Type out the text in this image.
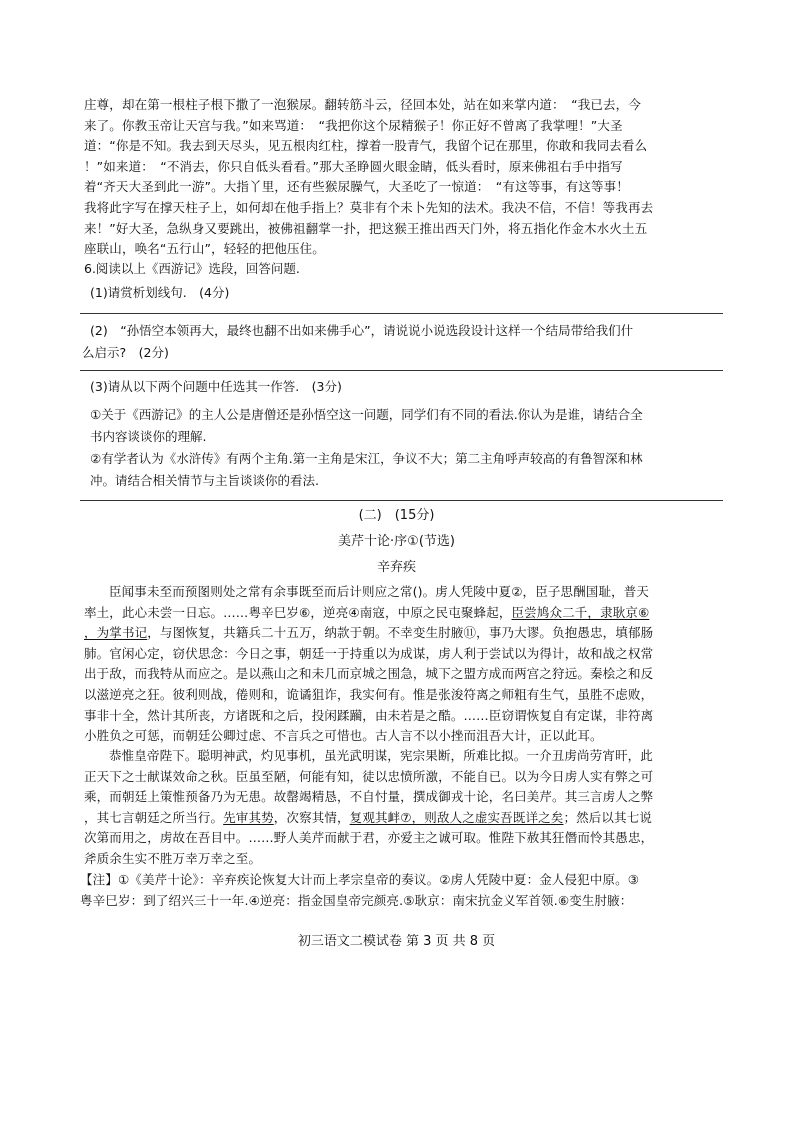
庄尊，却在第一根柱子根下撒了一泡猴尿。翻转筋斗云，径回本处，站在如来掌内道：　“我已去，今
来了。你教玉帝让天宫与我。”如来骂道：　“我把你这个尿精猴子！你正好不曾离了我掌哩！”大圣
道：“你是不知。我去到天尽头，见五根肉红柱，撑着一股青气，我留个记在那里，你敢和我同去看么
！”如来道：　“不消去，你只自低头看看。”那大圣睁圆火眼金睛，低头看时，原来佛祖右手中指写
着“齐天大圣到此一游”。大指丫里，还有些猴尿臊气，大圣吃了一惊道：　“有这等事，有这等事！
我将此字写在撑天柱子上，如何却在他手指上？莫非有个未卜先知的法术。我决不信，不信！等我再去
来！”好大圣，急纵身又要跳出，被佛祖翻掌一扑，把这猴王推出西天门外，将五指化作金木水火土五
座联山，唤名“五行山”，轻轻的把他压住。
6.阅读以上《西游记》选段，回答问题.
(1)请赏析划线句.　(4分)
(2)　“孙悟空本领再大，最终也翻不出如来佛手心”，请说说小说选段设计这样一个结局带给我们什
么启示?　(2分)
(3)请从以下两个问题中任选其一作答.　(3分)
①关于《西游记》的主人公是唐僧还是孙悟空这一问题，同学们有不同的看法.你认为是谁，请结合全
书内容谈谈你的理解.
②有学者认为《水浒传》有两个主角.第一主角是宋江，争议不大；第二主角呼声较高的有鲁智深和林
冲。请结合相关情节与主旨谈谈你的看法.
(二)　(15分)
美芹十论·序①(节选)
辛弃疾
臣闻事未至而预图则处之常有余事既至而后计则应之常()。虏人凭陵中夏②，臣子思酬国耻，普天
率土，此心未尝一日忘。……粤辛巳岁⑥，逆亮④南寇，中原之民屯聚蜂起，臣尝鸠众二千，隶耿京⑥
，为掌书记，与图恢复，共籍兵二十五万，纳款于朝。不幸变生肘腋⑪，事乃大谬。负抱愚忠，填郁肠
肺。官闲心定，窃伏思念：今日之事，朝廷一于持重以为成谋，虏人利于尝试以为得计，故和战之权常
出于敌，而我特从而应之。是以燕山之和未几而京城之围急，城下之盟方成而两宫之狩远。秦桧之和反
以滋逆亮之狂。彼利则战，倦则和，诡谲狙诈，我实何有。惟是张浚符离之师粗有生气，虽胜不虑败，
事非十全，然计其所丧，方诸既和之后，投闲蹂躏，由未若是之酷。……臣窃谓恢复自有定谋，非符离
小胜负之可惩，而朝廷公卿过虑、不言兵之可惜也。古人言不以小挫而沮吾大计，正以此耳。
恭惟皇帝陛下。聪明神武，灼见事机，虽光武明谋，宪宗果断，所难比拟。一介丑虏尚劳宵旰，此
正天下之士献谋效命之秋。臣虽至陋，何能有知，徒以忠愤所激，不能自已。以为今日虏人实有弊之可
乘，而朝廷上策惟预备乃为无患。故罄竭精恳，不自忖量，撰成御戎十论，名曰美芹。其三言虏人之弊
，其七言朝廷之所当行。先审其势，次察其情，复观其衅⑦，则敌人之虚实吾既详之矣；然后以其七说
次第而用之，虏故在吾目中。……野人美芹而献于君，亦爱主之诚可取。惟陛下赦其狂僭而怜其愚忠，
斧质余生实不胜万幸万幸之至。
【注】①《美芹十论》：辛弃疾论恢复大计而上孝宗皇帝的奏议。②虏人凭陵中夏：金人侵犯中原。③
粤辛巳岁：到了绍兴三十一年.④逆亮：指金国皇帝完颜亮.⑤耿京：南宋抗金义军首领.⑥变生肘腋：
初三语文二模试卷 第 3 页 共 8 页
